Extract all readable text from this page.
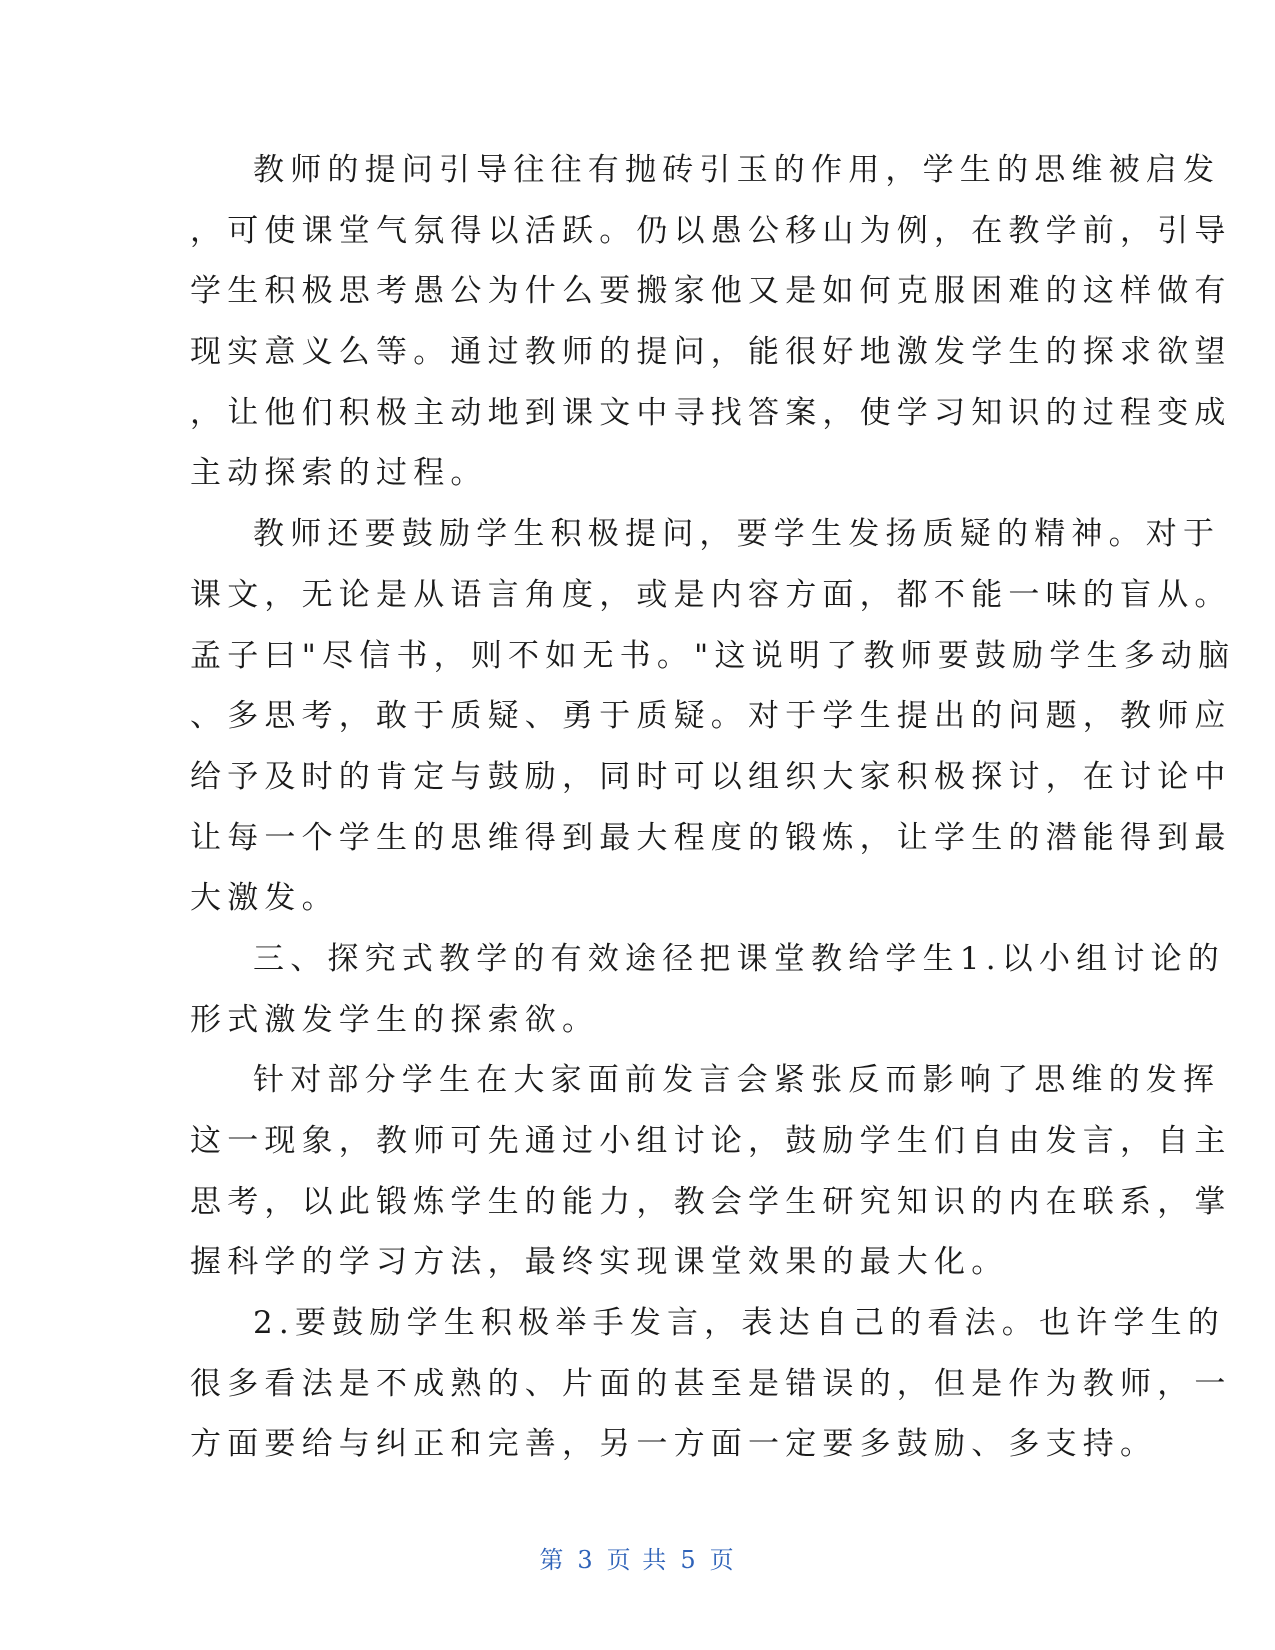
教师的提问引导往往有抛砖引玉的作用，学生的思维被启发
，可使课堂气氛得以活跃。仍以愚公移山为例，在教学前，引导
学生积极思考愚公为什么要搬家他又是如何克服困难的这样做有
现实意义么等。通过教师的提问，能很好地激发学生的探求欲望
，让他们积极主动地到课文中寻找答案，使学习知识的过程变成
主动探索的过程。
教师还要鼓励学生积极提问，要学生发扬质疑的精神。对于
课文，无论是从语言角度，或是内容方面，都不能一味的盲从。
孟子曰"尽信书，则不如无书。"这说明了教师要鼓励学生多动脑
、多思考，敢于质疑、勇于质疑。对于学生提出的问题，教师应
给予及时的肯定与鼓励，同时可以组织大家积极探讨，在讨论中
让每一个学生的思维得到最大程度的锻炼，让学生的潜能得到最
大激发。
三、探究式教学的有效途径把课堂教给学生1.以小组讨论的
形式激发学生的探索欲。
针对部分学生在大家面前发言会紧张反而影响了思维的发挥
这一现象，教师可先通过小组讨论，鼓励学生们自由发言，自主
思考，以此锻炼学生的能力，教会学生研究知识的内在联系，掌
握科学的学习方法，最终实现课堂效果的最大化。
2.要鼓励学生积极举手发言，表达自己的看法。也许学生的
很多看法是不成熟的、片面的甚至是错误的，但是作为教师，一
方面要给与纠正和完善，另一方面一定要多鼓励、多支持。
第 3 页 共 5 页
